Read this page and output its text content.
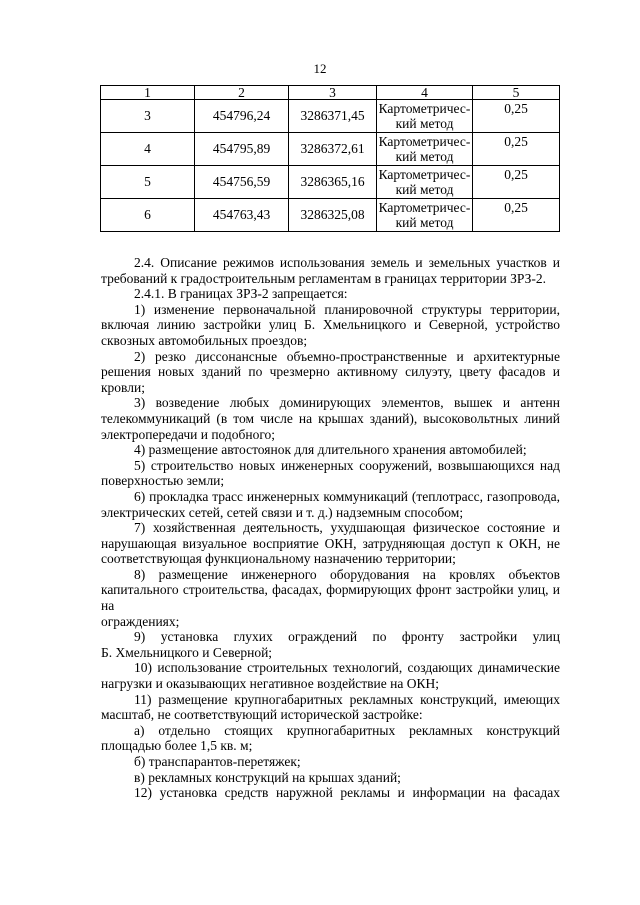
12
1	2	3	4	5
3	454796,24	3286371,45	Картометричес-
кий метод	0,25
4	454795,89	3286372,61	Картометричес-
кий метод	0,25
5	454756,59	3286365,16	Картометричес-
кий метод	0,25
6	454763,43	3286325,08	Картометричес-
кий метод	0,25
2.4. Описание режимов использования земель и земельных участков и
требований к градостроительным регламентам в границах территории ЗРЗ-2.
2.4.1. В границах ЗРЗ-2 запрещается:
1) изменение первоначальной планировочной структуры территории,
включая линию застройки улиц Б. Хмельницкого и Северной, устройство
сквозных автомобильных проездов;
2) резко диссонансные объемно-пространственные и архитектурные
решения новых зданий по чрезмерно активному силуэту, цвету фасадов и
кровли;
3) возведение любых доминирующих элементов, вышек и антенн
телекоммуникаций (в том числе на крышах зданий), высоковольтных линий
электропередачи и подобного;
4) размещение автостоянок для длительного хранения автомобилей;
5) строительство новых инженерных сооружений, возвышающихся над
поверхностью земли;
6) прокладка трасс инженерных коммуникаций (теплотрасс, газопровода,
электрических сетей, сетей связи и т. д.) надземным способом;
7) хозяйственная деятельность, ухудшающая физическое состояние и
нарушающая визуальное восприятие ОКН, затрудняющая доступ к ОКН, не
соответствующая функциональному назначению территории;
8) размещение инженерного оборудования на кровлях объектов
капитального строительства, фасадах, формирующих фронт застройки улиц, и на
ограждениях;
9) установка глухих ограждений по фронту застройки улиц
Б. Хмельницкого и Северной;
10) использование строительных технологий, создающих динамические
нагрузки и оказывающих негативное воздействие на ОКН;
11) размещение крупногабаритных рекламных конструкций, имеющих
масштаб, не соответствующий исторической застройке:
а) отдельно стоящих крупногабаритных рекламных конструкций
площадью более 1,5 кв. м;
б) транспарантов-перетяжек;
в) рекламных конструкций на крышах зданий;
12) установка средств наружной рекламы и информации на фасадах
